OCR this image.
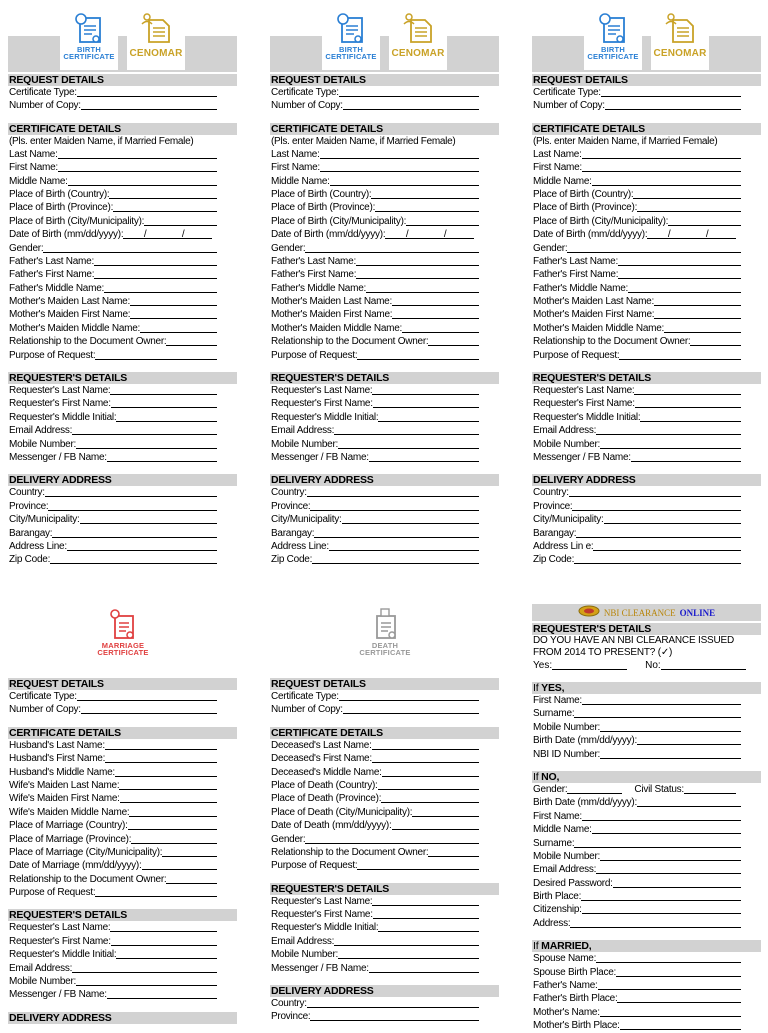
BIRTH CERTIFICATE	CENOMAR
REQUEST DETAILS
Certificate Type:
Number of Copy:
CERTIFICATE DETAILS
(Pls. enter Maiden Name, if Married Female)
Last Name:
First Name:
Middle Name:
Place of Birth (Country):
Place of Birth (Province):
Place of Birth (City/Municipality):
Date of Birth (mm/dd/yyyy):	/	/
Gender:
Father's Last Name:
Father's First Name:
Father's Middle Name:
Mother's Maiden Last Name:
Mother's Maiden First Name:
Mother's Maiden Middle Name:
Relationship to the Document Owner:
Purpose of Request:
REQUESTER'S DETAILS
Requester's Last Name:
Requester's First Name:
Requester's Middle Initial:
Email Address:
Mobile Number:
Messenger / FB Name:
DELIVERY ADDRESS
Country:
Province:
City/Municipality:
Barangay:
Address Line:
Zip Code:
BIRTH CERTIFICATE	CENOMAR
REQUEST DETAILS
Certificate Type:
Number of Copy:
CERTIFICATE DETAILS
(Pls. enter Maiden Name, if Married Female)
Last Name:
First Name:
Middle Name:
Place of Birth (Country):
Place of Birth (Province):
Place of Birth (City/Municipality):
Date of Birth (mm/dd/yyyy):	/	/
Gender:
Father's Last Name:
Father's First Name:
Father's Middle Name:
Mother's Maiden Last Name:
Mother's Maiden First Name:
Mother's Maiden Middle Name:
Relationship to the Document Owner:
Purpose of Request:
REQUESTER'S DETAILS
Requester's Last Name:
Requester's First Name:
Requester's Middle Initial:
Email Address:
Mobile Number:
Messenger / FB Name:
DELIVERY ADDRESS
Country:
Province:
City/Municipality:
Barangay:
Address Line:
Zip Code:
BIRTH CERTIFICATE	CENOMAR
REQUEST DETAILS
Certificate Type:
Number of Copy:
CERTIFICATE DETAILS
(Pls. enter Maiden Name, if Married Female)
Last Name:
First Name:
Middle Name:
Place of Birth (Country):
Place of Birth (Province):
Place of Birth (City/Municipality):
Date of Birth (mm/dd/yyyy):	/	/
Gender:
Father's Last Name:
Father's First Name:
Father's Middle Name:
Mother's Maiden Last Name:
Mother's Maiden First Name:
Mother's Maiden Middle Name:
Relationship to the Document Owner:
Purpose of Request:
REQUESTER'S DETAILS
Requester's Last Name:
Requester's First Name:
Requester's Middle Initial:
Email Address:
Mobile Number:
Messenger / FB Name:
DELIVERY ADDRESS
Country:
Province:
City/Municipality:
Barangay:
Address Lin e:
Zip Code:
MARRIAGE CERTIFICATE
REQUEST DETAILS
Certificate Type:
Number of Copy:
CERTIFICATE DETAILS
Husband's Last Name:
Husband's First Name:
Husband's Middle Name:
Wife's Maiden Last Name:
Wife's Maiden First Name:
Wife's Maiden Middle Name:
Place of Marriage (Country):
Place of Marriage (Province):
Place of Marriage (City/Municipality):
Date of Marriage (mm/dd/yyyy):
Relationship to the Document Owner:
Purpose of Request:
REQUESTER'S DETAILS
Requester's Last Name:
Requester's First Name:
Requester's Middle Initial:
Email Address:
Mobile Number:
Messenger / FB Name:
DELIVERY ADDRESS
DEATH CERTIFICATE
REQUEST DETAILS
Certificate Type:
Number of Copy:
CERTIFICATE DETAILS
Deceased's Last Name:
Deceased's First Name:
Deceased's Middle Name:
Place of Death (Country):
Place of Death (Province):
Place of Death (City/Municipality):
Date of Death (mm/dd/yyyy):
Gender:
Relationship to the Document Owner:
Purpose of Request:
REQUESTER'S DETAILS
Requester's Last Name:
Requester's First Name:
Requester's Middle Initial:
Email Address:
Mobile Number:
Messenger / FB Name:
DELIVERY ADDRESS
Country:
Province:
NBI CLEARANCE ONLINE
REQUESTER'S DETAILS
DO YOU HAVE AN NBI CLEARANCE ISSUED FROM 2014 TO PRESENT? (✓)
Yes:	No:
If YES,
First Name:
Surname:
Mobile Number:
Birth Date (mm/dd/yyyy):
NBI ID Number:
If NO,
Gender:	Civil Status:
Birth Date (mm/dd/yyyy):
First Name:
Middle Name:
Surname:
Mobile Number:
Email Address:
Desired Password:
Birth Place:
Citizenship:
Address:
If MARRIED,
Spouse Name:
Spouse Birth Place:
Father's Name:
Father's Birth Place:
Mother's Name:
Mother's Birth Place:
